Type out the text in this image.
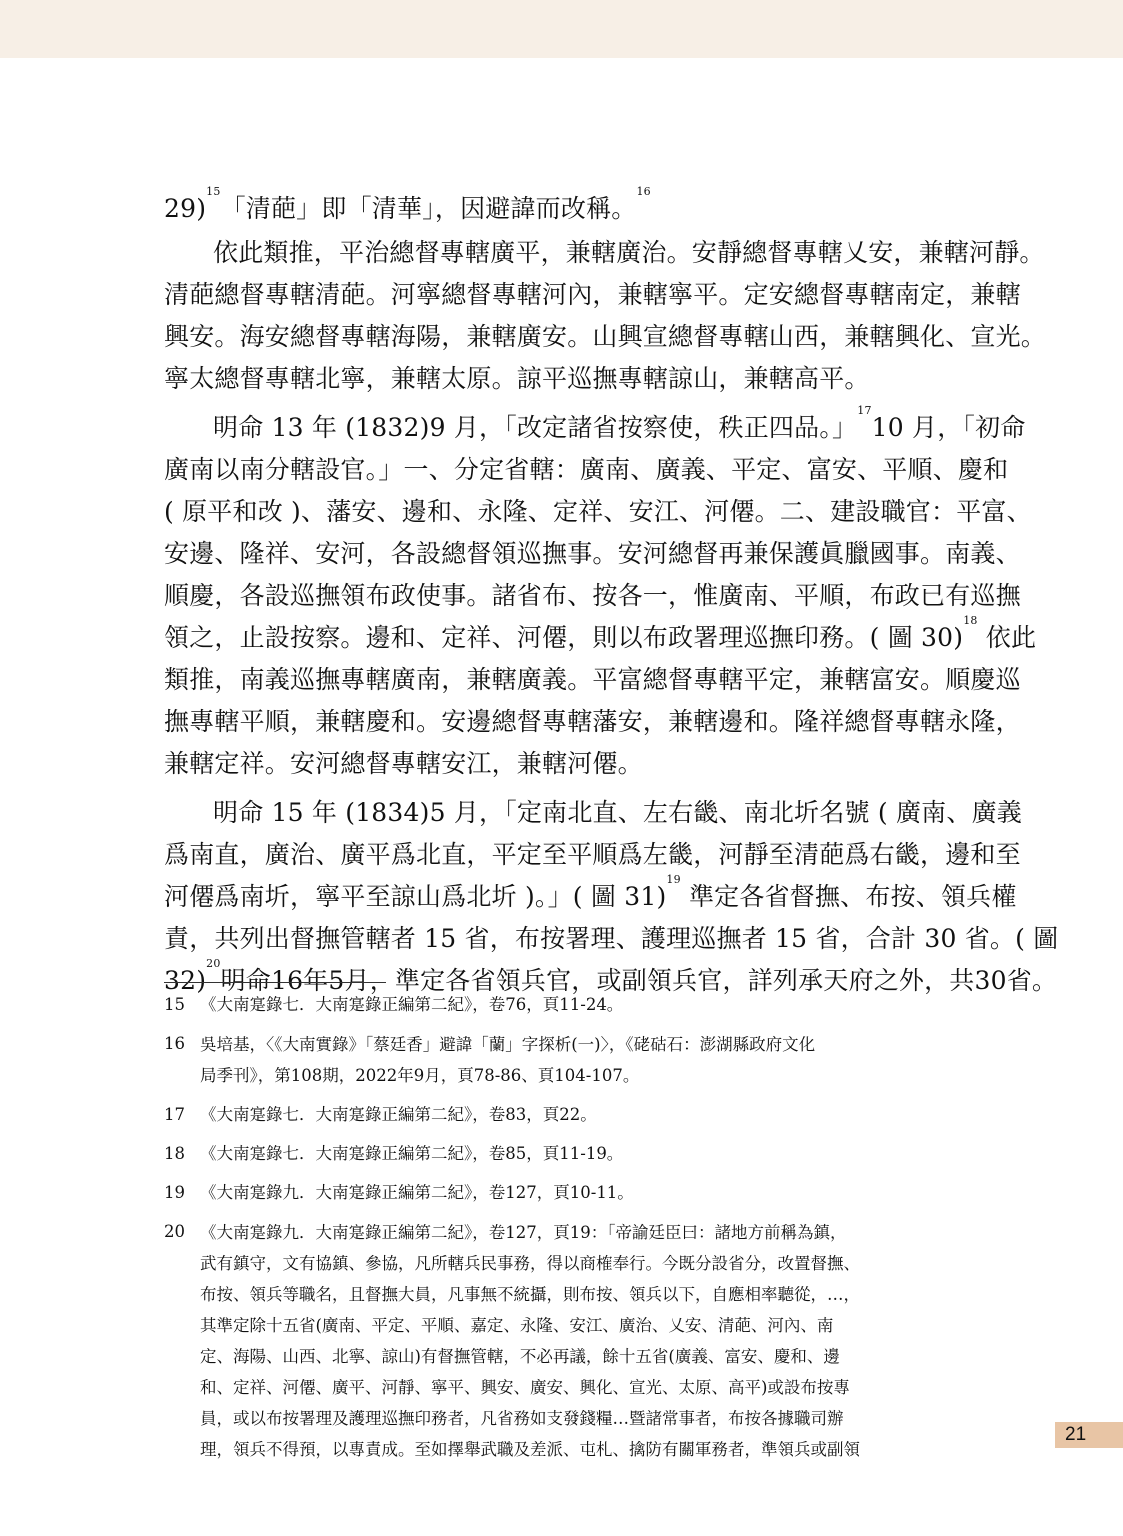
29)$^{15}$「清葩」即「清華」，因避諱而改稱。$^{16}$
依此類推，平治總督專轄廣平，兼轄廣治。安靜總督專轄乂安，兼轄河靜。
清葩總督專轄清葩。河寧總督專轄河內，兼轄寧平。定安總督專轄南定，兼轄
興安。海安總督專轄海陽，兼轄廣安。山興宣總督專轄山西，兼轄興化、宣光。
寧太總督專轄北寧，兼轄太原。諒平巡撫專轄諒山，兼轄高平。
明命 13 年 (1832)9 月，「改定諸省按察使，秩正四品。」$^{17}$10 月，「初命
廣南以南分轄設官。」一、分定省轄：廣南、廣義、平定、富安、平順、慶和
( 原平和改 )、藩安、邊和、永隆、定祥、安江、河僊。二、建設職官：平富、
安邊、隆祥、安河，各設總督領巡撫事。安河總督再兼保護眞臘國事。南義、
順慶，各設巡撫領布政使事。諸省布、按各一，惟廣南、平順，布政已有巡撫
領之，止設按察。邊和、定祥、河僊，則以布政署理巡撫印務。( 圖 30)$^{18}$ 依此
類推，南義巡撫專轄廣南，兼轄廣義。平富總督專轄平定，兼轄富安。順慶巡
撫專轄平順，兼轄慶和。安邊總督專轄藩安，兼轄邊和。隆祥總督專轄永隆，
兼轄定祥。安河總督專轄安江，兼轄河僊。
明命 15 年 (1834)5 月，「定南北直、左右畿、南北圻名號 ( 廣南、廣義
爲南直，廣治、廣平爲北直，平定至平順爲左畿，河靜至清葩爲右畿，邊和至
河僊爲南圻，寧平至諒山爲北圻 )。」( 圖 31)$^{19}$ 準定各省督撫、布按、領兵權
責，共列出督撫管轄者 15 省，布按署理、護理巡撫者 15 省，合計 30 省。( 圖
32)$^{20}$明命16年5月，準定各省領兵官，或副領兵官，詳列承天府之外，共30省。
15 《大南寔錄七．大南寔錄正編第二紀》，卷76，頁11-24。
16 吳培基，〈《大南實錄》「蔡廷香」避諱「蘭」字探析(一)〉，《硓𥑮石：澎湖縣政府文化
局季刊》，第108期，2022年9月，頁78-86、頁104-107。
17 《大南寔錄七．大南寔錄正編第二紀》，卷83，頁22。
18 《大南寔錄七．大南寔錄正編第二紀》，卷85，頁11-19。
19 《大南寔錄九．大南寔錄正編第二紀》，卷127，頁10-11。
20 《大南寔錄九．大南寔錄正編第二紀》，卷127，頁19：「帝諭廷臣曰：諸地方前稱為鎮，
武有鎮守，文有協鎮、參協，凡所轄兵民事務，得以商榷奉行。今既分設省分，改置督撫、
布按、領兵等職名，且督撫大員，凡事無不統攝，則布按、領兵以下，自應相率聽從，…，
其準定除十五省(廣南、平定、平順、嘉定、永隆、安江、廣治、乂安、清葩、河內、南
定、海陽、山西、北寧、諒山)有督撫管轄，不必再議，餘十五省(廣義、富安、慶和、邊
和、定祥、河僊、廣平、河靜、寧平、興安、廣安、興化、宣光、太原、高平)或設布按專
員，或以布按署理及護理巡撫印務者，凡省務如支發錢糧…暨諸常事者，布按各據職司辦
理，領兵不得預，以專責成。至如擇舉武職及差派、屯札、擒防有關軍務者，準領兵或副領
21
